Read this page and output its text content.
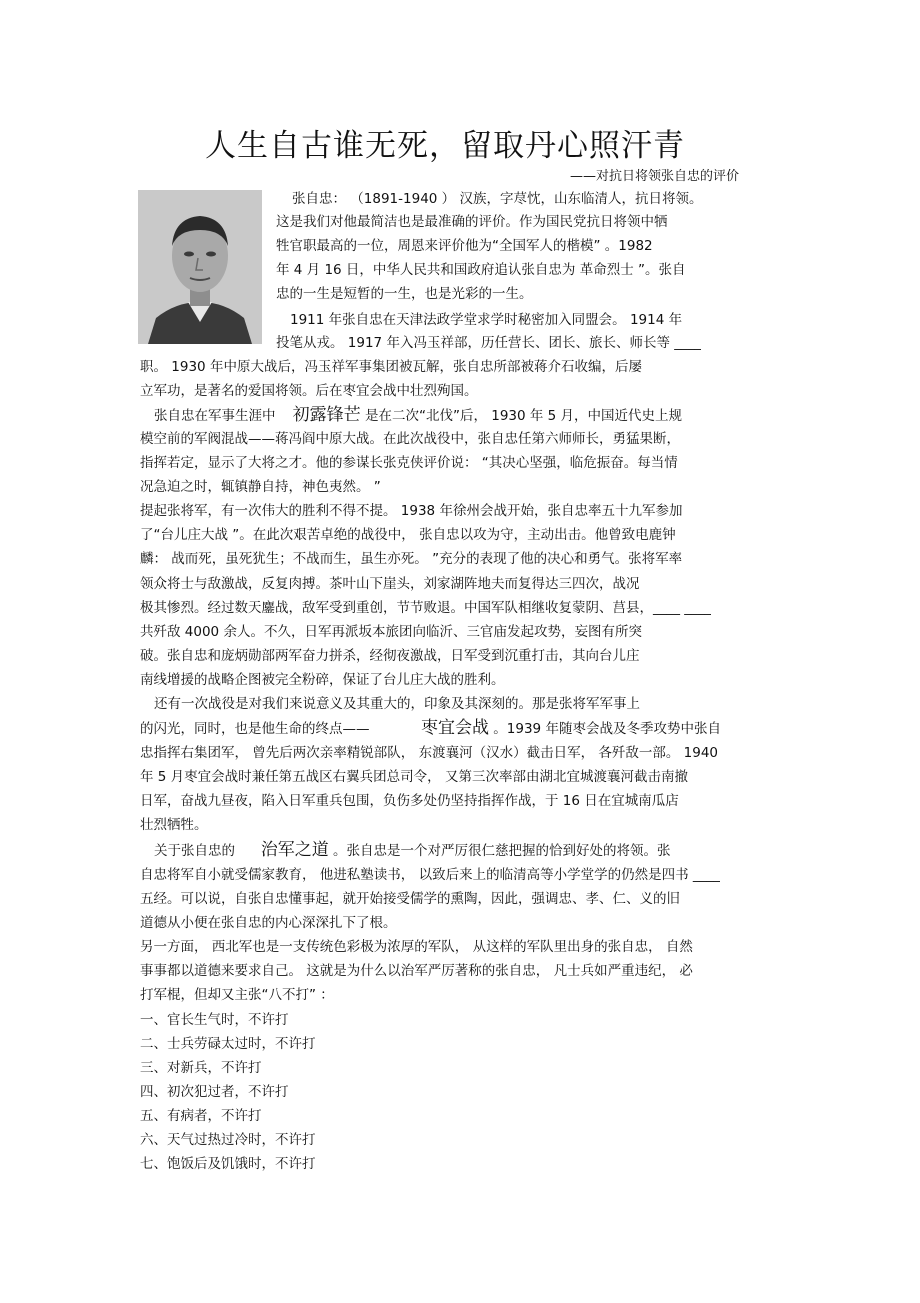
人生自古谁无死，留取丹心照汗青
——对抗日将领张自忠的评价
张自忠： （1891-1940 ） 汉族，字荩忱，山东临清人，抗日将领。
这是我们对他最简洁也是最准确的评价。作为国民党抗日将领中牺
牲官职最高的一位，周恩来评价他为“全国军人的楷模” 。1982
年 4 月 16 日，中华人民共和国政府追认张自忠为 革命烈士 ”。张自
忠的一生是短暂的一生，也是光彩的一生。
1911 年张自忠在天津法政学堂求学时秘密加入同盟会。 1914 年
投笔从戎。 1917 年入冯玉祥部，历任营长、团长、旅长、师长等 ____
职。 1930 年中原大战后，冯玉祥军事集团被瓦解，张自忠所部被蒋介石收编，后屡
立军功，是著名的爱国将领。后在枣宜会战中壮烈殉国。
张自忠在军事生涯中 初露锋芒 是在二次“北伐”后， 1930 年 5 月，中国近代史上规
模空前的军阀混战——蒋冯阎中原大战。在此次战役中，张自忠任第六师师长，勇猛果断，
指挥若定，显示了大将之才。他的参谋长张克侠评价说： “其决心坚强，临危振奋。每当情
况急迫之时，辄镇静自持，神色夷然。 ”
提起张将军，有一次伟大的胜利不得不提。 1938 年徐州会战开始，张自忠率五十九军参加
了“台儿庄大战 ”。在此次艰苦卓绝的战役中， 张自忠以攻为守，主动出击。他曾致电鹿钟
麟： 战而死，虽死犹生；不战而生，虽生亦死。 ”充分的表现了他的决心和勇气。张将军率
领众将士与敌激战，反复肉搏。茶叶山下崖头，刘家湖阵地夫而复得达三四次，战况
极其惨烈。经过数天鏖战，敌军受到重创，节节败退。中国军队相继收复蒙阴、莒县，____ ____
共歼敌 4000 余人。不久，日军再派坂本旅团向临沂、三官庙发起攻势，妄图有所突
破。张自忠和庞炳勋部两军奋力拼杀，经彻夜激战，日军受到沉重打击，其向台儿庄
南线增援的战略企图被完全粉碎，保证了台儿庄大战的胜利。
还有一次战役是对我们来说意义及其重大的，印象及其深刻的。那是张将军军事上
的闪光，同时，也是他生命的终点——	枣宜会战 。1939 年随枣会战及冬季攻势中张自
忠指挥右集团军， 曾先后两次亲率精锐部队， 东渡襄河（汉水）截击日军， 各歼敌一部。 1940
年 5 月枣宜会战时兼任第五战区右翼兵团总司令， 又第三次率部由湖北宜城渡襄河截击南撤
日军，奋战九昼夜，陷入日军重兵包围，负伤多处仍坚持指挥作战，于 16 日在宜城南瓜店
壮烈牺牲。
关于张自忠的 治军之道 。张自忠是一个对严厉很仁慈把握的恰到好处的将领。张
自忠将军自小就受儒家教育， 他进私塾读书， 以致后来上的临清高等小学堂学的仍然是四书 ____
五经。可以说，自张自忠懂事起，就开始接受儒学的熏陶，因此，强调忠、孝、仁、义的旧
道德从小便在张自忠的内心深深扎下了根。
另一方面， 西北军也是一支传统色彩极为浓厚的军队， 从这样的军队里出身的张自忠， 自然
事事都以道德来要求自己。 这就是为什么以治军严厉著称的张自忠， 凡士兵如严重违纪， 必
打军棍，但却又主张“八不打” ：
一、官长生气时，不许打
二、士兵劳碌太过时，不许打
三、对新兵，不许打
四、初次犯过者，不许打
五、有病者，不许打
六、天气过热过冷时，不许打
七、饱饭后及饥饿时，不许打
